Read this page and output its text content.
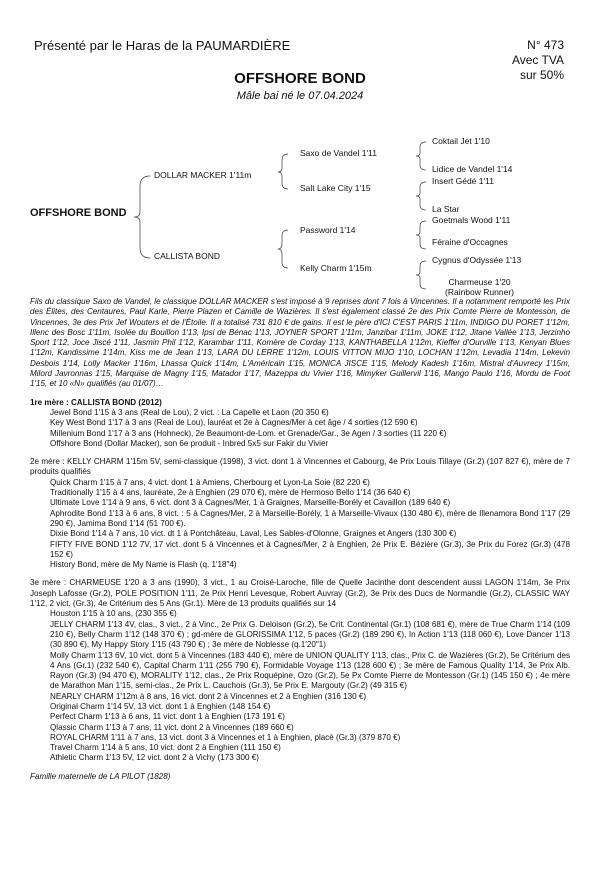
Présenté par le Haras de la PAUMARDIÈRE	N° 473
Avec TVA
sur 50%
OFFSHORE BOND
Mâle bai né le 07.04.2024
OFFSHORE BOND
DOLLAR MACKER 1'11m
CALLISTA BOND
Saxo de Vandel 1'11
Salt Lake City 1'15
Password 1'14
Kelly Charm 1'15m
Coktail Jet 1'10
Lidice de Vandel 1'14
Insert Gédé 1'11
La Star
Goetmals Wood 1'11
Féraine d'Occagnes
Cygnus d'Odyssée 1'13
Charmeuse 1'20 (Rainbow Runner)

Fils du classique Saxo de Vandel, le classique DOLLAR MACKER s'est imposé à 9 reprises dont 7 fois à Vincennes. Il a notamment remporté les Prix des Élites, des Centaures, Paul Karle, Pierre Plazen et Camille de Wazières. Il s'est également classé 2e des Prix Comte Pierre de Montesson, de Vincennes, 3e des Prix Jef Wouters et de l'Étoile. Il a totalisé 731 810 € de gains. Il est le père d'ICI C'EST PARIS 1'11m, INDIGO DU PORET 1'12m, Illenc des Bosc 1'11m, Isolée du Bouillon 1'13, Ipsi de Bénac 1'13, JOYNER SPORT 1'11m, Janzibar 1'11m, JOKE 1'12, Jitane Vallée 1'13, Jerzinho Sport 1'12, Joce Jiscé 1'11, Jasmin Phil 1'12, Karambar 1'11, Komère de Corday 1'13, KANTHABELLA 1'12m, Kieffer d'Ourville 1'13, Kenyan Blues 1'12m, Kandissime 1'14m, Kiss me de Jean 1'13, LARA DU LERRE 1'12m, LOUIS VITTON MIJO 1'10, LOCHAN 1'12m, Levadia 1'14m, Lekevin Desbois 1'14, Lolly Macker 1'16m, Lhassa Quick 1'14m, L'Américain 1'15, MONICA JISCE 1'15, Melody Kadesh 1'16m, Mistral d'Auvrecy 1'15m, Milord Javronnas 1'15, Marquise de Magny 1'15, Matador 1'17, Mazeppa du Vivier 1'16, Mimyker Guillervil 1'16, Mango Paulo 1'16, Mordu de Foot 1'15, et 10 «N» qualifiés (au 01/07)…

1re mère : CALLISTA BOND (2012)

Jewel Bond 1'15 à 3 ans (Real de Lou), 2 vict. : La Capelle et Laon (20 350 €)

Key West Bond 1'17 à 3 ans (Real de Lou), lauréat et 2e à Cagnes/Mer à cet âge / 4 sorties (12 590 €)

Millenium Bond 1'17 à 3 ans (Hohneck), 2e Beaumont-de-Lom. et Grenade/Gar., 3e Agen / 3 sorties (11 220 €)

Offshore Bond (Dollar Macker), son 6e produit - Inbred 5x5 sur Fakir du Vivier

2e mère : KELLY CHARM 1'15m 5V, semi-classique (1998), 3 vict. dont 1 à Vincennes et Cabourg, 4e Prix Louis Tillaye (Gr.2) (107 827 €), mère de 7 produits qualifiés

Quick Charm 1'15 à 7 ans, 4 vict. dont 1 à Amiens, Cherbourg et Lyon-La Soie (82 220 €)

Traditionally 1'15 à 4 ans, lauréate, 2e à Enghien (29 070 €), mère de Hermoso Bello 1'14 (36 640 €)

Ultimate Love 1'14 à 9 ans, 6 vict. dont 3 à Cagnes/Mer, 1 à Graignes, Marseille-Borély et Cavaillon (189 640 €)

Aphrodite Bond 1'13 à 6 ans, 8 vict. : 5 à Cagnes/Mer, 2 à Marseille-Borély, 1 à Marseille-Vivaux (130 480 €), mère de Illenamora Bond 1'17 (29 290 €), Jamima Bond 1'14 (51 700 €).

Dixie Bond 1'14 à 7 ans, 10 vict. dt 1 à Pontchâteau, Laval, Les Sables-d'Olonne, Graignes et Angers (130 300 €)

FIFTY FIVE BOND 1'12 7V, 17 vict. dont 5 à Vincennes et à Cagnes/Mer, 2 à Enghien, 2e Prix E. Bézière (Gr.3), 3e Prix du Forez (Gr.3) (478 152 €)

History Bond, mère de My Name is Flash (q. 1'18"4)

3e mère : CHARMEUSE 1'20 à 3 ans (1990), 3 vict., 1 au Croisé-Laroche, fille de Quelle Jacinthe dont descendent aussi LAGON 1'14m, 3e Prix Joseph Lafosse (Gr.2), POLE POSITION 1'11, 2e Prix Henri Levesque, Robert Auvray (Gr.2), 3e Prix des Ducs de Normandie (Gr.2), CLASSIC WAY 1'12, 2 vict. (Gr.3), 4e Critérium des 5 Ans (Gr.1). Mère de 13 produits qualifiés sur 14

Houston 1'15 à 10 ans, (230 355 €)

JELLY CHARM 1'13 4V, clas., 3 vict., 2 à Vinc., 2e Prix G. Deloison (Gr.2), 5e Crit. Continental (Gr.1) (108 681 €), mère de True Charm 1'14 (109 210 €), Belly Charm 1'12 (148 370 €) ; gd-mère de GLORISSIMA 1'12, 5 paces (Gr.2) (189 290 €), In Action 1'13 (118 060 €), Love Dancer 1'13 (30 890 €), My Happy Story 1'15 (43 790 €) ; 3e mère de Noblesse (q.1'20"1)

Molly Charm 1'13 6V, 10 vict. dont 5 à Vincennes (183 440 €), mère de UNION QUALITY 1'13, clas., Prix C. de Wazières (Gr.2), 5e Critérium des 4 Ans (Gr.1) (232 540 €), Capital Charm 1'11 (255 790 €), Formidable Voyage 1'13 (128 600 €) ; 3e mère de Famous Quality 1'14, 3e Prix Alb. Rayon (Gr.3) (94 470 €), MORALITY 1'12, clas., 2e Prix Roquépine, Ozo (Gr.2), 5e Px Comte Pierre de Montesson (Gr.1) (145 150 €) ; 4e mère de Marathon Man 1'15, semi-clas., 2e Prix L. Cauchois (Gr.3), 5e Prix E. Margouty (Gr.2) (49 315 €)

NEARLY CHARM 1'12m à 8 ans, 16 vict. dont 2 à Vincennes et 2 à Enghien (316 130 €)

Original Charm 1'14 5V, 13 vict. dont 1 à Enghien (148 154 €)

Perfect Charm 1'13 à 6 ans, 11 vict. dont 1 à Enghien (173 191 €)

Qlassic Charm 1'13 à 7 ans, 11 vict. dont 2 à Vincennes (189 660 €)

ROYAL CHARM 1'11 à 7 ans, 13 vict. dont 3 à Vincennes et 1 à Enghien, placé (Gr.3) (379 870 €)

Travel Charm 1'14 à 5 ans, 10 vict. dont 2 à Enghien (111 150 €)

Athletic Charm 1'13 5V, 12 vict. dont 2 à Vichy (173 300 €)

Famille maternelle de LA PILOT (1828)
